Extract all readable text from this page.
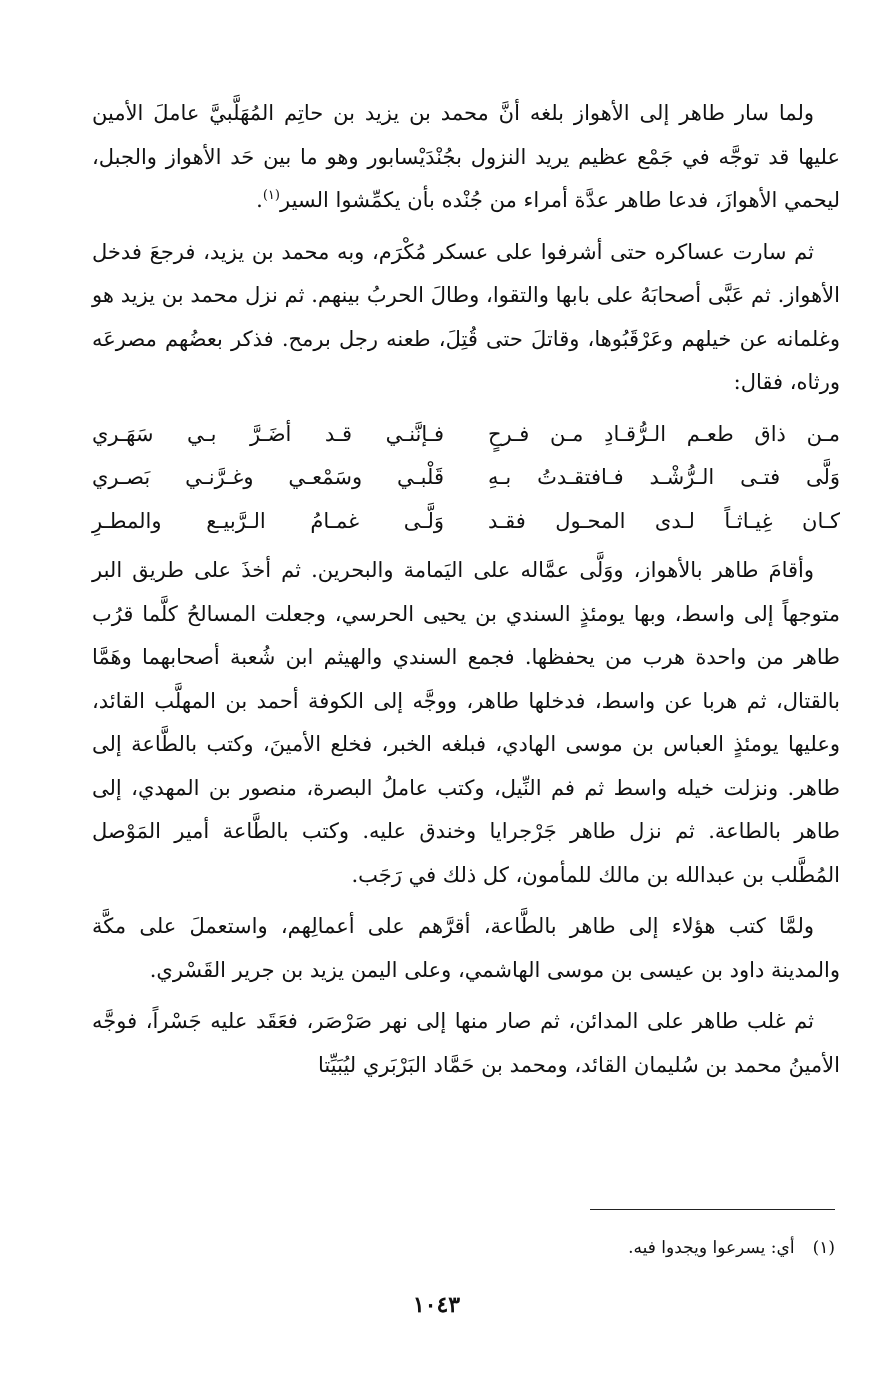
ولما سار طاهر إلى الأهواز بلغه أنَّ محمد بن يزيد بن حاتِم المُهَلَّبيَّ عاملَ الأمين عليها قد توجَّه في جَمْع عظيم يريد النزول بجُنْدَيْسابور وهو ما بين حَد الأهواز والجبل، ليحمي الأهوازَ، فدعا طاهر عدَّة أمراء من جُنْده بأن يكمِّشوا السير$^{(١)}$.

ثم سارت عساكره حتى أشرفوا على عسكر مُكْرَم، وبه محمد بن يزيد، فرجعَ فدخل الأهواز. ثم عَبَّى أصحابَهُ على بابها والتقوا، وطالَ الحربُ بينهم. ثم نزل محمد بن يزيد هو وغلمانه عن خيلهم وعَرْقَبُوها، وقاتلَ حتى قُتِلَ، طعنه رجل برمح. فذكر بعضُهم مصرعَه ورثاه، فقال:

مـن ذاق طعـم الـرُّقـادِ مـن فـرحٍ
فـإنَّنـي قـد أضَـرَّ بـي سَهَـري
وَلَّى فتـى الـرُّشْـد فـافتقـدتُ بـهِ
قَلْبـي وسَمْعـي وغـرَّنـي بَصـري
كـان غِيـاثـاً لـدى المحـول فقـد
وَلَّـى غمـامُ الـرَّبيـع والمطـرِ

وأقامَ طاهر بالأهواز، ووَلَّى عمَّاله على اليَمامة والبحرين. ثم أخذَ على طريق البر متوجهاً إلى واسط، وبها يومئذٍ السندي بن يحيى الحرسي، وجعلت المسالحُ كلَّما قرُب طاهر من واحدة هرب من يحفظها. فجمع السندي والهيثم ابن شُعبة أصحابهما وهَمَّا بالقتال، ثم هربا عن واسط، فدخلها طاهر، ووجَّه إلى الكوفة أحمد بن المهلَّب القائد، وعليها يومئذٍ العباس بن موسى الهادي، فبلغه الخبر، فخلع الأمينَ، وكتب بالطَّاعة إلى طاهر. ونزلت خيله واسط ثم فم النِّيل، وكتب عاملُ البصرة، منصور بن المهدي، إلى طاهر بالطاعة. ثم نزل طاهر جَرْجرايا وخندق عليه. وكتب بالطَّاعة أمير المَوْصل المُطَّلب بن عبدالله بن مالك للمأمون، كل ذلك في رَجَب.

ولمَّا كتب هؤلاء إلى طاهر بالطَّاعة، أقرَّهم على أعمالِهم، واستعملَ على مكَّة والمدينة داود بن عيسى بن موسى الهاشمي، وعلى اليمن يزيد بن جرير القَسْري.

ثم غلب طاهر على المدائن، ثم صار منها إلى نهر صَرْصَر، فعَقَد عليه جَسْراً، فوجَّه الأمينُ محمد بن سُليمان القائد، ومحمد بن حَمَّاد البَرْبَري ليُبَيِّتا

(١)أي: يسرعوا ويجدوا فيه.
١٠٤٣
